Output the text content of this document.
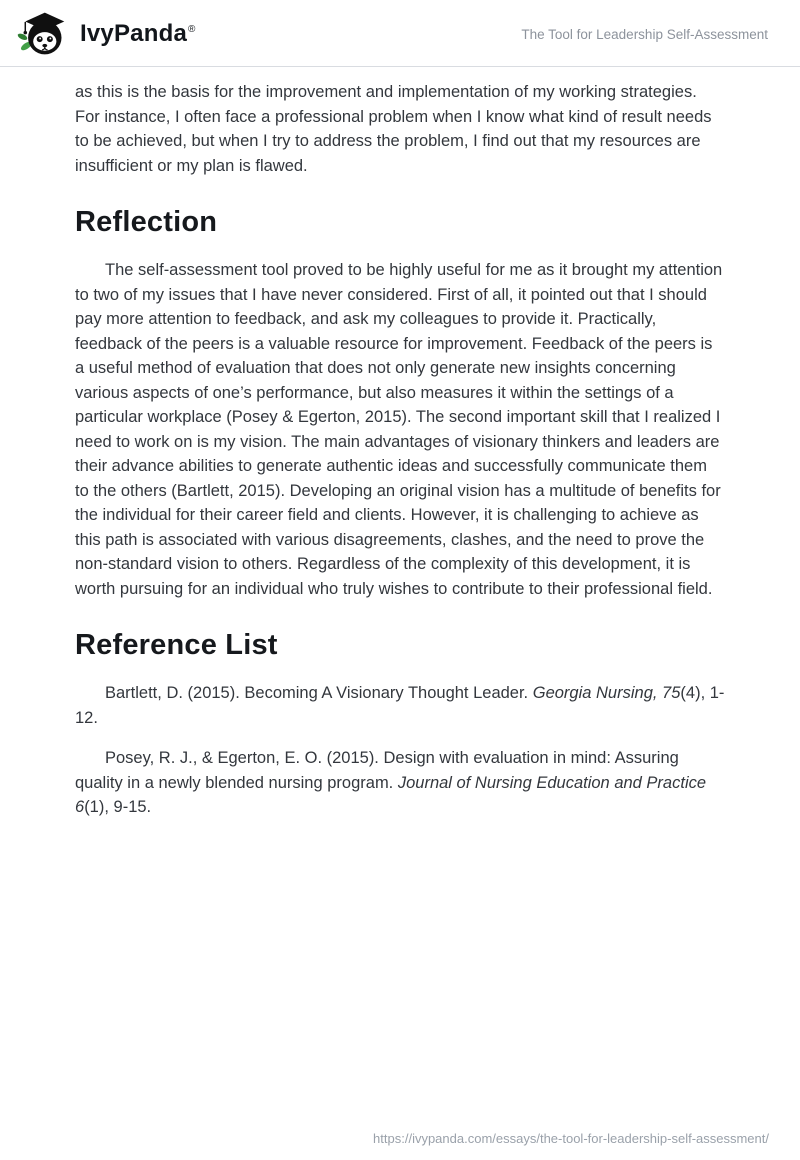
IvyPanda®	The Tool for Leadership Self-Assessment

as this is the basis for the improvement and implementation of my working strategies. For instance, I often face a professional problem when I know what kind of result needs to be achieved, but when I try to address the problem, I find out that my resources are insufficient or my plan is flawed.

Reflection

The self-assessment tool proved to be highly useful for me as it brought my attention to two of my issues that I have never considered. First of all, it pointed out that I should pay more attention to feedback, and ask my colleagues to provide it. Practically, feedback of the peers is a valuable resource for improvement. Feedback of the peers is a useful method of evaluation that does not only generate new insights concerning various aspects of one’s performance, but also measures it within the settings of a particular workplace (Posey & Egerton, 2015). The second important skill that I realized I need to work on is my vision. The main advantages of visionary thinkers and leaders are their advance abilities to generate authentic ideas and successfully communicate them to the others (Bartlett, 2015). Developing an original vision has a multitude of benefits for the individual for their career field and clients. However, it is challenging to achieve as this path is associated with various disagreements, clashes, and the need to prove the non-standard vision to others. Regardless of the complexity of this development, it is worth pursuing for an individual who truly wishes to contribute to their professional field.

Reference List

Bartlett, D. (2015). Becoming A Visionary Thought Leader. Georgia Nursing, 75(4), 1-12.

Posey, R. J., & Egerton, E. O. (2015). Design with evaluation in mind: Assuring quality in a newly blended nursing program. Journal of Nursing Education and Practice 6(1), 9-15.

https://ivypanda.com/essays/the-tool-for-leadership-self-assessment/
